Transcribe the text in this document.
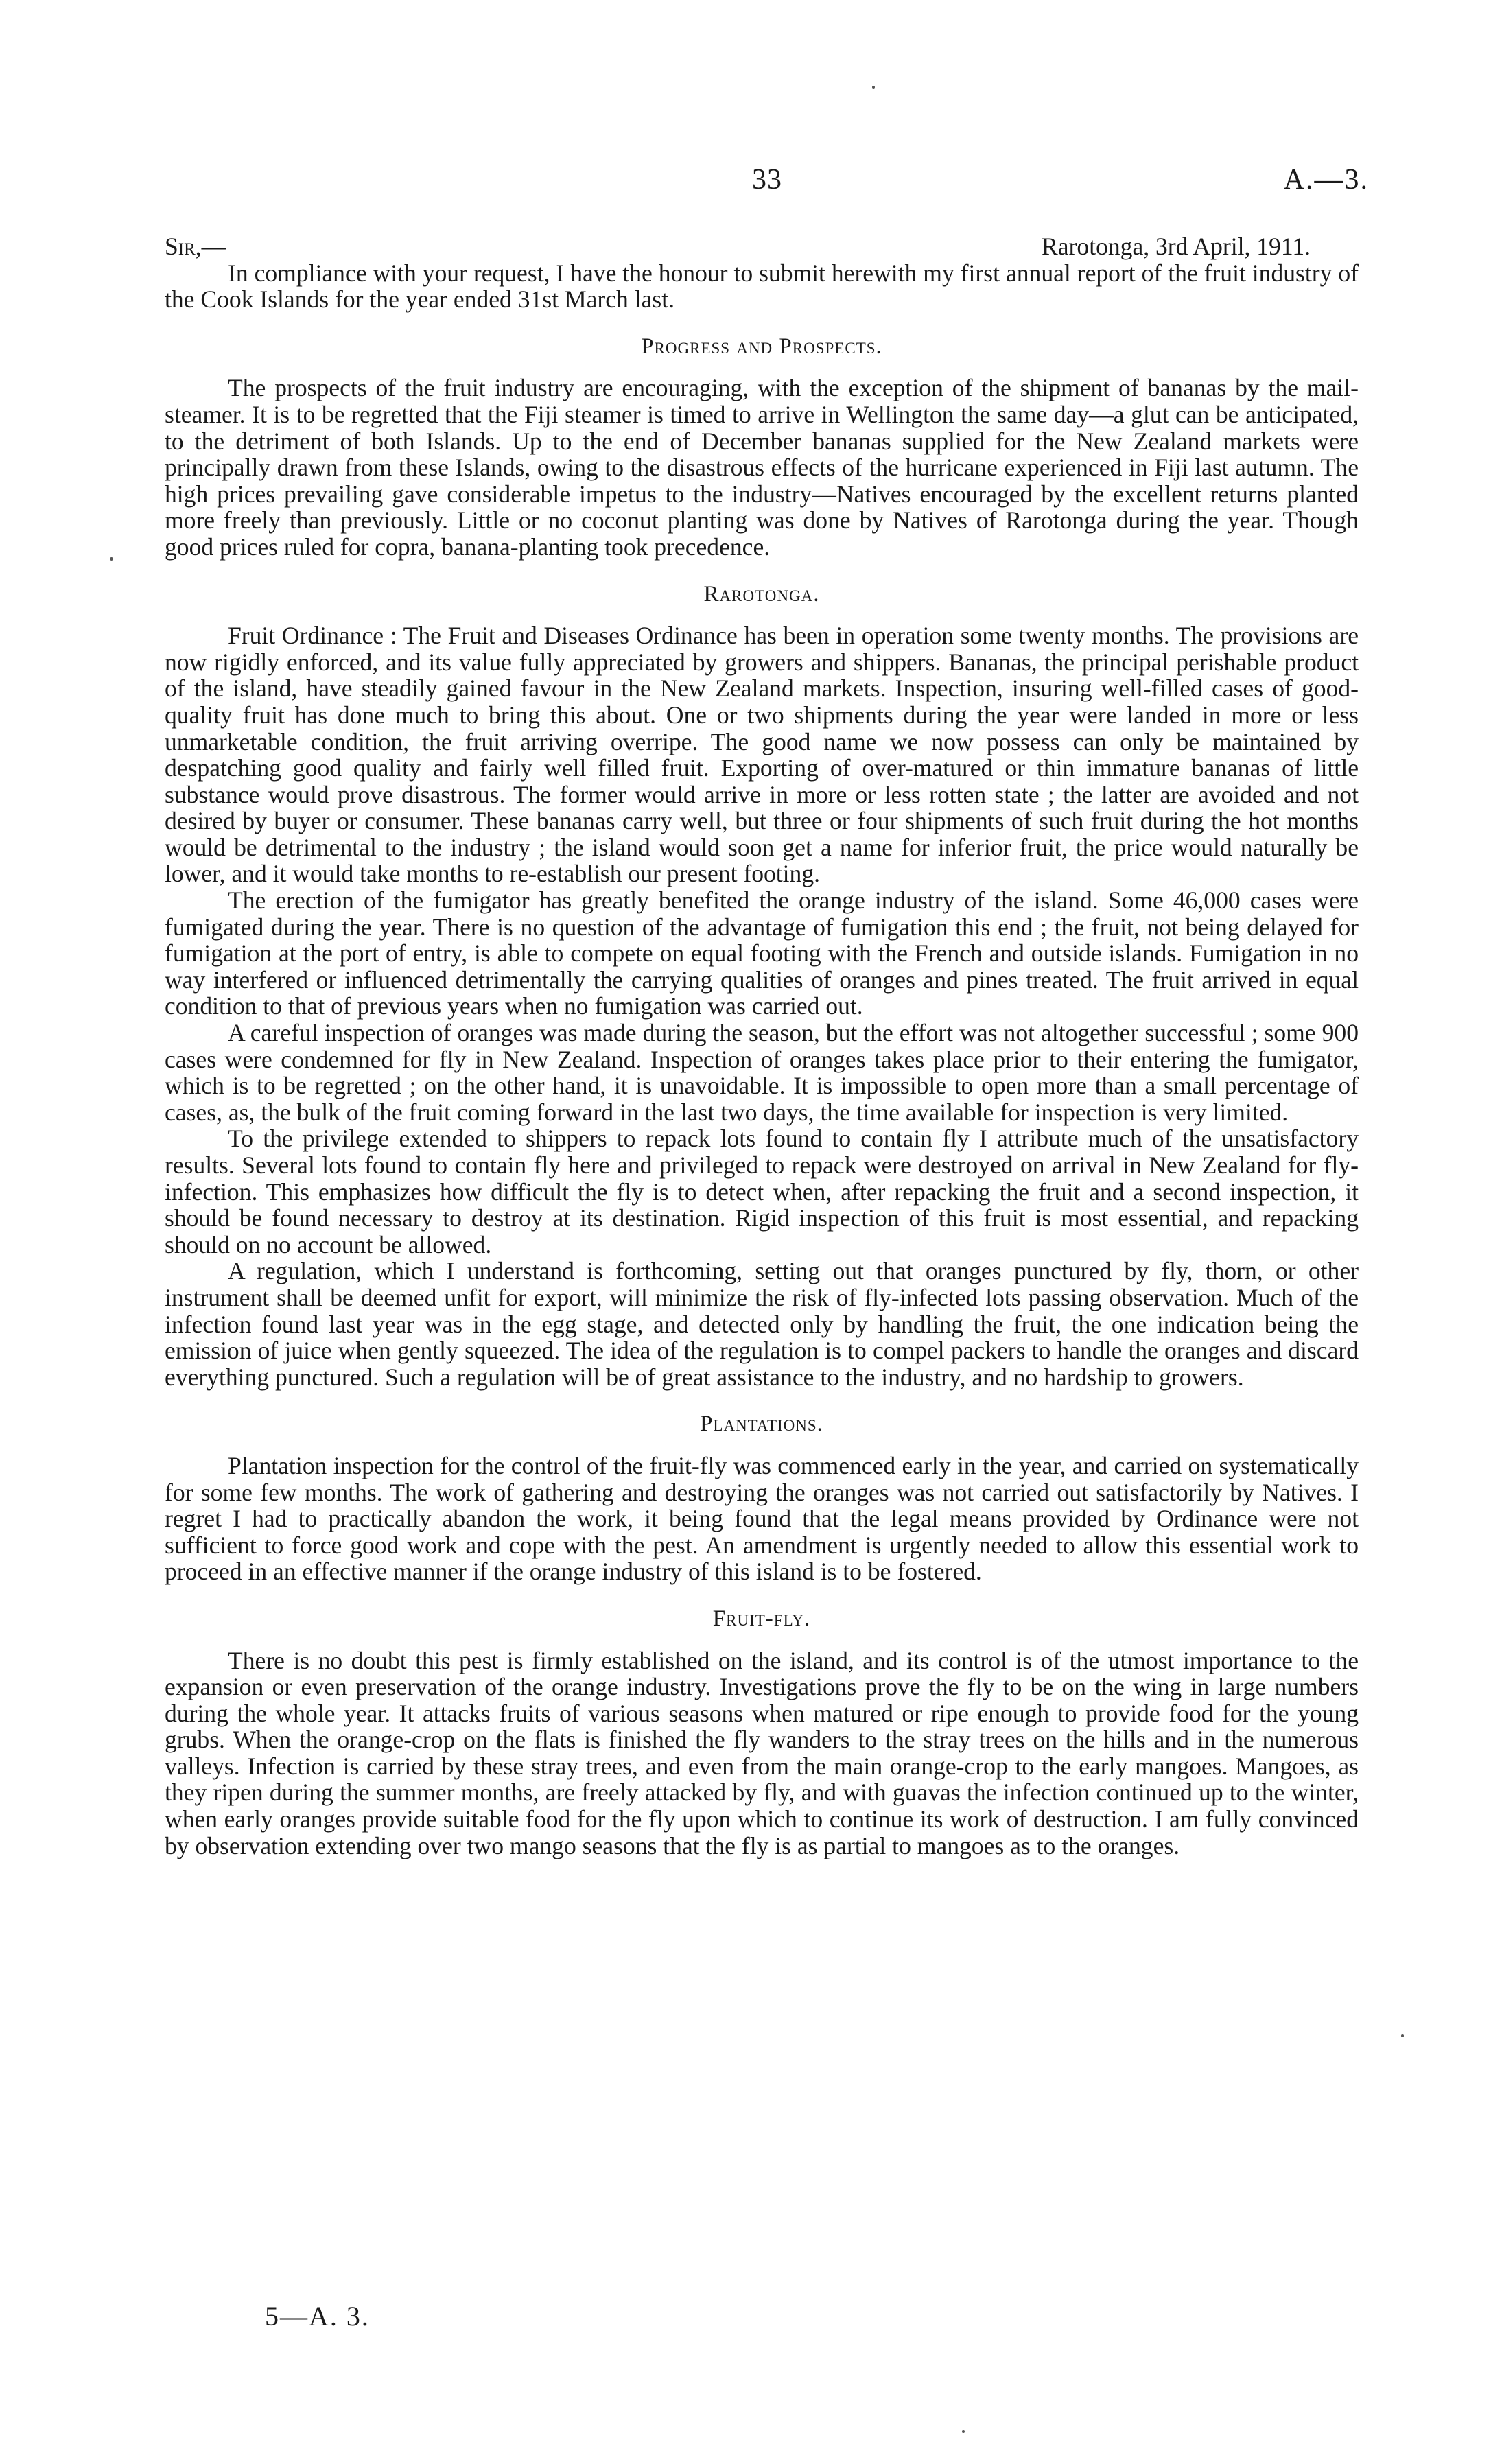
33	A.—3.
Sir,—	Rarotonga, 3rd April, 1911.

In compliance with your request, I have the honour to submit herewith my first annual report of the fruit industry of the Cook Islands for the year ended 31st March last.

Progress and Prospects.

The prospects of the fruit industry are encouraging, with the exception of the shipment of bananas by the mail-steamer. It is to be regretted that the Fiji steamer is timed to arrive in Wellington the same day—a glut can be anticipated, to the detriment of both Islands. Up to the end of December bananas supplied for the New Zealand markets were principally drawn from these Islands, owing to the disastrous effects of the hurricane experienced in Fiji last autumn. The high prices prevailing gave considerable impetus to the industry—Natives encouraged by the excellent returns planted more freely than previously. Little or no coconut planting was done by Natives of Rarotonga during the year. Though good prices ruled for copra, banana-planting took precedence.

Rarotonga.

Fruit Ordinance : The Fruit and Diseases Ordinance has been in operation some twenty months. The provisions are now rigidly enforced, and its value fully appreciated by growers and shippers. Bananas, the principal perishable product of the island, have steadily gained favour in the New Zealand markets. Inspection, insuring well-filled cases of good-quality fruit has done much to bring this about. One or two shipments during the year were landed in more or less unmarketable condition, the fruit arriving overripe. The good name we now possess can only be maintained by despatching good quality and fairly well filled fruit. Exporting of over-matured or thin immature bananas of little substance would prove disastrous. The former would arrive in more or less rotten state ; the latter are avoided and not desired by buyer or consumer. These bananas carry well, but three or four shipments of such fruit during the hot months would be detrimental to the industry ; the island would soon get a name for inferior fruit, the price would naturally be lower, and it would take months to re-establish our present footing.

The erection of the fumigator has greatly benefited the orange industry of the island. Some 46,000 cases were fumigated during the year. There is no question of the advantage of fumigation this end ; the fruit, not being delayed for fumigation at the port of entry, is able to compete on equal footing with the French and outside islands. Fumigation in no way interfered or influenced detrimentally the carrying qualities of oranges and pines treated. The fruit arrived in equal condition to that of previous years when no fumigation was carried out.

A careful inspection of oranges was made during the season, but the effort was not altogether successful ; some 900 cases were condemned for fly in New Zealand. Inspection of oranges takes place prior to their entering the fumigator, which is to be regretted ; on the other hand, it is unavoidable. It is impossible to open more than a small percentage of cases, as, the bulk of the fruit coming forward in the last two days, the time available for inspection is very limited.

To the privilege extended to shippers to repack lots found to contain fly I attribute much of the unsatisfactory results. Several lots found to contain fly here and privileged to repack were destroyed on arrival in New Zealand for fly-infection. This emphasizes how difficult the fly is to detect when, after repacking the fruit and a second inspection, it should be found necessary to destroy at its destination. Rigid inspection of this fruit is most essential, and repacking should on no account be allowed.

A regulation, which I understand is forthcoming, setting out that oranges punctured by fly, thorn, or other instrument shall be deemed unfit for export, will minimize the risk of fly-infected lots passing observation. Much of the infection found last year was in the egg stage, and detected only by handling the fruit, the one indication being the emission of juice when gently squeezed. The idea of the regulation is to compel packers to handle the oranges and discard everything punctured. Such a regulation will be of great assistance to the industry, and no hardship to growers.

Plantations.

Plantation inspection for the control of the fruit-fly was commenced early in the year, and carried on systematically for some few months. The work of gathering and destroying the oranges was not carried out satisfactorily by Natives. I regret I had to practically abandon the work, it being found that the legal means provided by Ordinance were not sufficient to force good work and cope with the pest. An amendment is urgently needed to allow this essential work to proceed in an effective manner if the orange industry of this island is to be fostered.

Fruit-fly.

There is no doubt this pest is firmly established on the island, and its control is of the utmost importance to the expansion or even preservation of the orange industry. Investigations prove the fly to be on the wing in large numbers during the whole year. It attacks fruits of various seasons when matured or ripe enough to provide food for the young grubs. When the orange-crop on the flats is finished the fly wanders to the stray trees on the hills and in the numerous valleys. Infection is carried by these stray trees, and even from the main orange-crop to the early mangoes. Mangoes, as they ripen during the summer months, are freely attacked by fly, and with guavas the infection continued up to the winter, when early oranges provide suitable food for the fly upon which to continue its work of destruction. I am fully convinced by observation extending over two mango seasons that the fly is as partial to mangoes as to the oranges.

5—A. 3.
